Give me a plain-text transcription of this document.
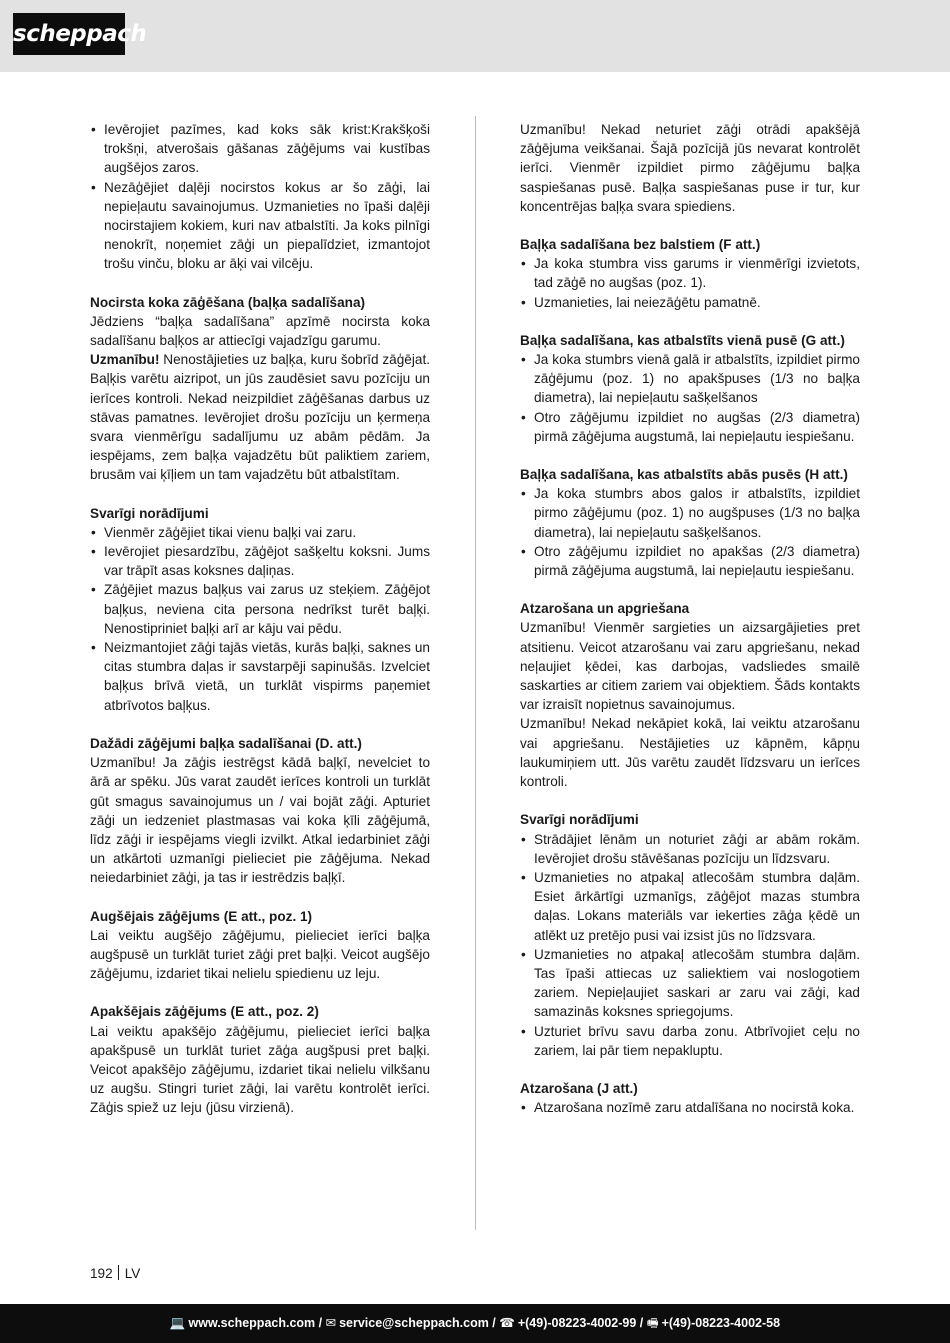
scheppach
• Ievērojiet pazīmes, kad koks sāk krist:Krakšķoši trokšņi, atverošais gāšanas zāģējums vai kustības augšējos zaros.
• Nezāģējiet daļēji nocirstos kokus ar šo zāģi, lai nepieļautu savainojumus. Uzmanieties no īpaši daļēji nocirstajiem kokiem, kuri nav atbalstīti. Ja koks pilnīgi nenokrīt, noņemiet zāģi un piepalīdziet, izmantojot trošu vinču, bloku ar āķi vai vilcēju.
Nocirsta koka zāģēšana (baļķa sadalīšana)

Jēdziens “baļķa sadalīšana” apzīmē nocirsta koka sadalīšanu baļķos ar attiecīgi vajadzīgu garumu.

Uzmanību! Nenostājieties uz baļķa, kuru šobrīd zāģējat. Baļķis varētu aizripot, un jūs zaudēsiet savu pozīciju un ierīces kontroli. Nekad neizpildiet zāģēšanas darbus uz stāvas pamatnes. Ievērojiet drošu pozīciju un ķermeņa svara vienmērīgu sadalījumu uz abām pēdām. Ja iespējams, zem baļķa vajadzētu būt paliktiem zariem, brusām vai ķīļiem un tam vajadzētu būt atbalstītam.

Svarīgi norādījumi
• Vienmēr zāģējiet tikai vienu baļķi vai zaru.
• Ievērojiet piesardzību, zāģējot sašķeltu koksni. Jums var trāpīt asas koksnes daļiņas.
• Zāģējiet mazus baļķus vai zarus uz steķiem. Zāģējot baļķus, neviena cita persona nedrīkst turēt baļķi. Nenostipriniet baļķi arī ar kāju vai pēdu.
• Neizmantojiet zāģi tajās vietās, kurās baļķi, saknes un citas stumbra daļas ir savstarpēji sapinušās. Izvelciet baļķus brīvā vietā, un turklāt vispirms paņemiet atbrīvotos baļķus.
Dažādi zāģējumi baļķa sadalīšanai (D. att.)

Uzmanību! Ja zāģis iestrēgst kādā baļķī, nevelciet to ārā ar spēku. Jūs varat zaudēt ierīces kontroli un turklāt gūt smagus savainojumus un / vai bojāt zāģi. Apturiet zāģi un iedzeniet plastmasas vai koka ķīli zāģējumā, līdz zāģi ir iespējams viegli izvilkt. Atkal iedarbiniet zāģi un atkārtoti uzmanīgi pielieciet pie zāģējuma. Nekad neiedarbiniet zāģi, ja tas ir iestrēdzis baļķī.

Augšējais zāģējums (E att., poz. 1)

Lai veiktu augšējo zāģējumu, pielieciet ierīci baļķa augšpusē un turklāt turiet zāģi pret baļķi. Veicot augšējo zāģējumu, izdariet tikai nelielu spiedienu uz leju.

Apakšējais zāģējums (E att., poz. 2)

Lai veiktu apakšējo zāģējumu, pielieciet ierīci baļķa apakšpusē un turklāt turiet zāģa augšpusi pret baļķi. Veicot apakšējo zāģējumu, izdariet tikai nelielu vilkšanu uz augšu. Stingri turiet zāģi, lai varētu kontrolēt ierīci. Zāģis spiež uz leju (jūsu virzienā).

Uzmanību! Nekad neturiet zāģi otrādi apakšējā zāģējuma veikšanai. Šajā pozīcijā jūs nevarat kontrolēt ierīci. Vienmēr izpildiet pirmo zāģējumu baļķa saspiešanas pusē. Baļķa saspiešanas puse ir tur, kur koncentrējas baļķa svara spiediens.

Baļķa sadalīšana bez balstiem (F att.)
• Ja koka stumbra viss garums ir vienmērīgi izvietots, tad zāģē no augšas (poz. 1).
• Uzmanieties, lai neiezāģētu pamatnē.
Baļķa sadalīšana, kas atbalstīts vienā pusē (G att.)
• Ja koka stumbrs vienā galā ir atbalstīts, izpildiet pirmo zāģējumu (poz. 1) no apakšpuses (1/3 no baļķa diametra), lai nepieļautu sašķelšanos
• Otro zāģējumu izpildiet no augšas (2/3 diametra) pirmā zāģējuma augstumā, lai nepieļautu iespiešanu.
Baļķa sadalīšana, kas atbalstīts abās pusēs (H att.)
• Ja koka stumbrs abos galos ir atbalstīts, izpildiet pirmo zāģējumu (poz. 1) no augšpuses (1/3 no baļķa diametra), lai nepieļautu sašķelšanos.
• Otro zāģējumu izpildiet no apakšas (2/3 diametra) pirmā zāģējuma augstumā, lai nepieļautu iespiešanu.
Atzarošana un apgriešana

Uzmanību! Vienmēr sargieties un aizsargājieties pret atsitienu. Veicot atzarošanu vai zaru apgriešanu, nekad neļaujiet ķēdei, kas darbojas, vadsliedes smailē saskarties ar citiem zariem vai objektiem. Šāds kontakts var izraisīt nopietnus savainojumus.

Uzmanību! Nekad nekāpiet kokā, lai veiktu atzarošanu vai apgriešanu. Nestājieties uz kāpnēm, kāpņu laukumiņiem utt. Jūs varētu zaudēt līdzsvaru un ierīces kontroli.

Svarīgi norādījumi
• Strādājiet lēnām un noturiet zāģi ar abām rokām. Ievērojiet drošu stāvēšanas pozīciju un līdzsvaru.
• Uzmanieties no atpakaļ atlecošām stumbra daļām. Esiet ārkārtīgi uzmanīgs, zāģējot mazas stumbra daļas. Lokans materiāls var iekerties zāģa ķēdē un atlēkt uz pretējo pusi vai izsist jūs no līdzsvara.
• Uzmanieties no atpakaļ atlecošām stumbra daļām. Tas īpaši attiecas uz saliektiem vai noslogotiem zariem. Nepieļaujiet saskari ar zaru vai zāģi, kad samazinās koksnes spriegojums.
• Uzturiet brīvu savu darba zonu. Atbrīvojiet ceļu no zariem, lai pār tiem nepakluptu.
Atzarošana (J att.)
• Atzarošana nozīmē zaru atdalīšana no nocirstā koka.
192 LV
💻 www.scheppach.com / ✉ service@scheppach.com / ☎ +(49)-08223-4002-99 / 🖷 +(49)-08223-4002-58
